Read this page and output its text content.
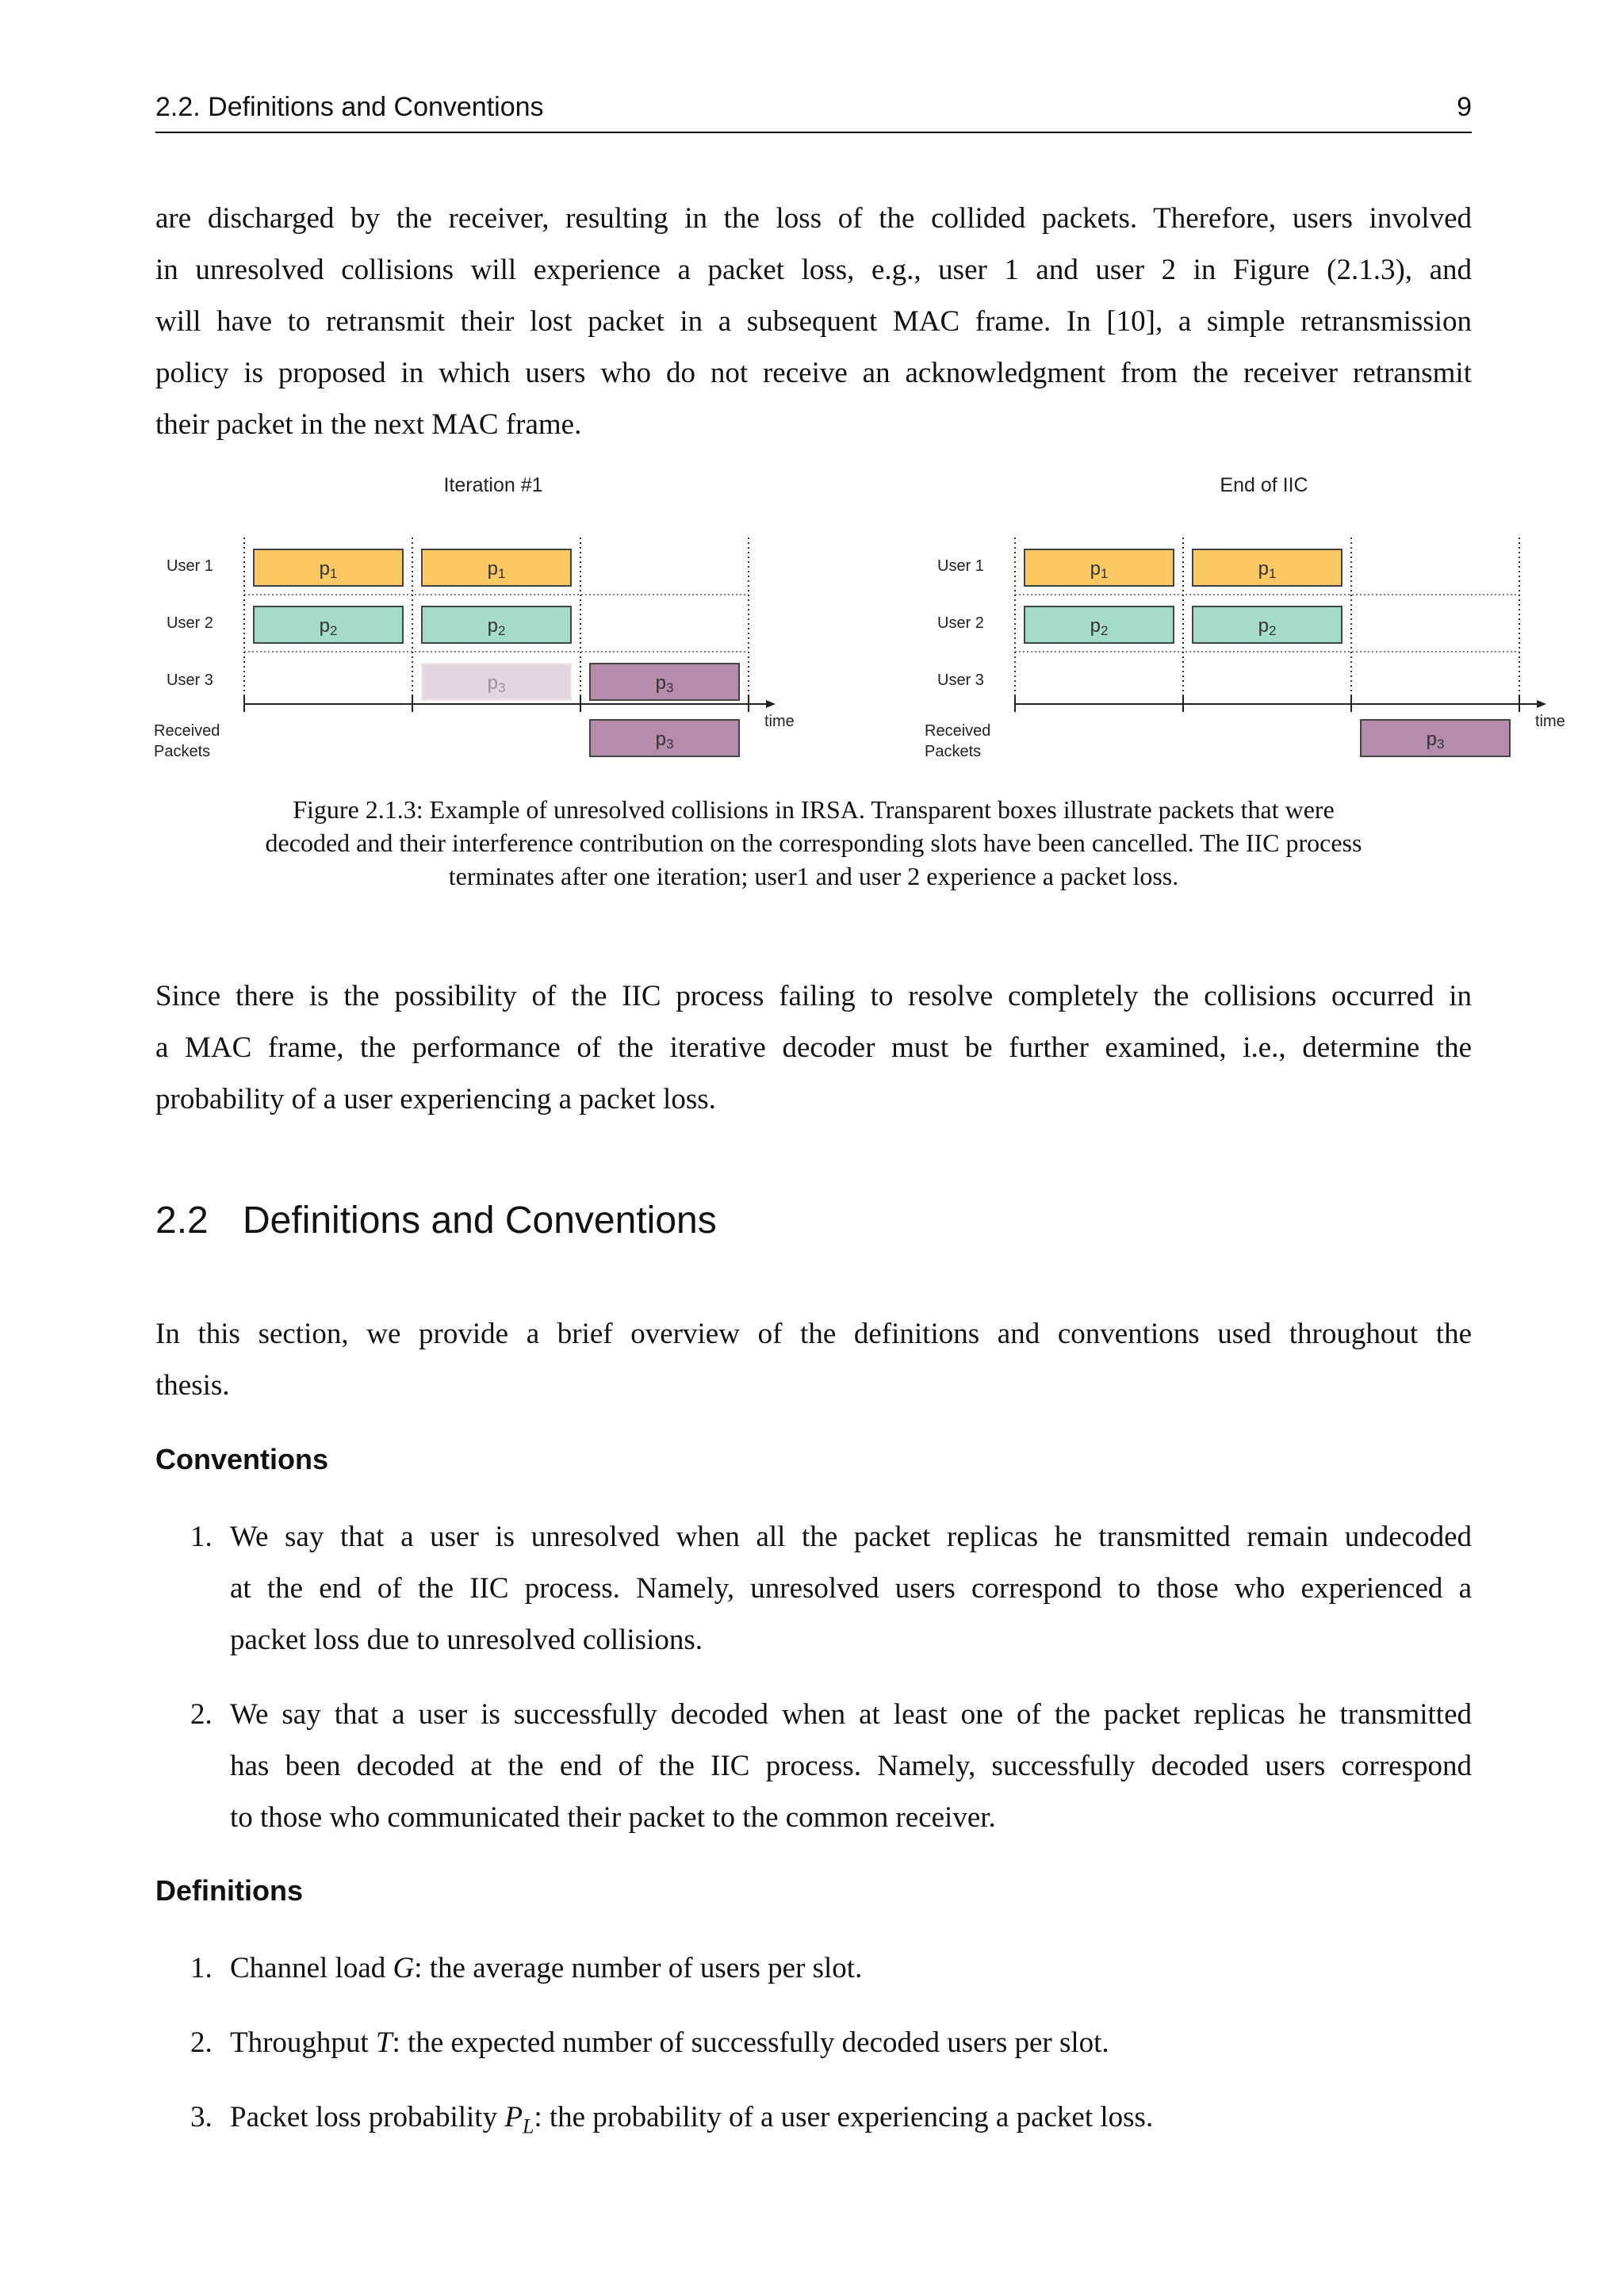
2.2. Definitions and Conventions	9
are discharged by the receiver, resulting in the loss of the collided packets. Therefore, users involved
in unresolved collisions will experience a packet loss, e.g., user 1 and user 2 in Figure (2.1.3), and
will have to retransmit their lost packet in a subsequent MAC frame. In [10], a simple retransmission
policy is proposed in which users who do not receive an acknowledgment from the receiver retransmit
their packet in the next MAC frame.
Iteration #1
User 1
User 2
User 3
time
Received
Packets
p1	p1
p2	p2
p3	p3
p3
End of IIC
User 1
User 2
User 3
time
Received
Packets
p1	p1
p2	p2
p3
Figure 2.1.3: Example of unresolved collisions in IRSA. Transparent boxes illustrate packets that were
decoded and their interference contribution on the corresponding slots have been cancelled. The IIC process
terminates after one iteration; user1 and user 2 experience a packet loss.
Since there is the possibility of the IIC process failing to resolve completely the collisions occurred in
a MAC frame, the performance of the iterative decoder must be further examined, i.e., determine the
probability of a user experiencing a packet loss.
2.2 Definitions and Conventions
In this section, we provide a brief overview of the definitions and conventions used throughout the
thesis.
Conventions
1. We say that a user is unresolved when all the packet replicas he transmitted remain undecoded
at the end of the IIC process. Namely, unresolved users correspond to those who experienced a
packet loss due to unresolved collisions.
2. We say that a user is successfully decoded when at least one of the packet replicas he transmitted
has been decoded at the end of the IIC process. Namely, successfully decoded users correspond
to those who communicated their packet to the common receiver.
Definitions
1. Channel load G: the average number of users per slot.
2. Throughput T: the expected number of successfully decoded users per slot.
3. Packet loss probability $P_L$: the probability of a user experiencing a packet loss.
